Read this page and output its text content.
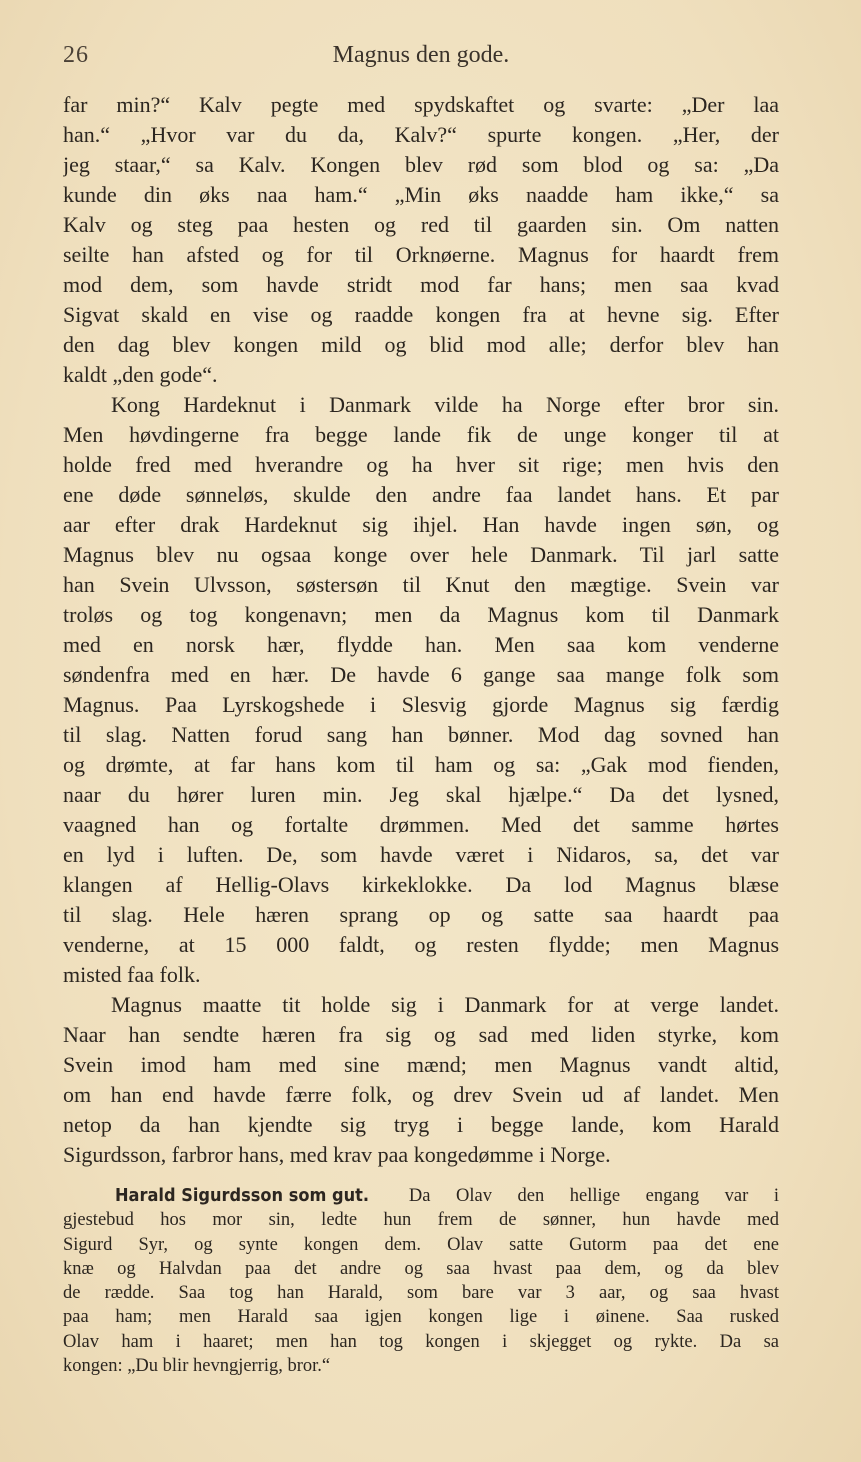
26	Magnus den gode.
far min?“ Kalv pegte med spydskaftet og svarte: „Der laa
han.“ „Hvor var du da, Kalv?“ spurte kongen. „Her, der
jeg staar,“ sa Kalv. Kongen blev rød som blod og sa: „Da
kunde din øks naa ham.“ „Min øks naadde ham ikke,“ sa
Kalv og steg paa hesten og red til gaarden sin. Om natten
seilte han afsted og for til Orknøerne. Magnus for haardt frem
mod dem, som havde stridt mod far hans; men saa kvad
Sigvat skald en vise og raadde kongen fra at hevne sig. Efter
den dag blev kongen mild og blid mod alle; derfor blev han
kaldt „den gode“.
Kong Hardeknut i Danmark vilde ha Norge efter bror sin.
Men høvdingerne fra begge lande fik de unge konger til at
holde fred med hverandre og ha hver sit rige; men hvis den
ene døde sønneløs, skulde den andre faa landet hans. Et par
aar efter drak Hardeknut sig ihjel. Han havde ingen søn, og
Magnus blev nu ogsaa konge over hele Danmark. Til jarl satte
han Svein Ulvsson, søstersøn til Knut den mægtige. Svein var
troløs og tog kongenavn; men da Magnus kom til Danmark
med en norsk hær, flydde han. Men saa kom venderne
søndenfra med en hær. De havde 6 gange saa mange folk som
Magnus. Paa Lyrskogshede i Slesvig gjorde Magnus sig færdig
til slag. Natten forud sang han bønner. Mod dag sovned han
og drømte, at far hans kom til ham og sa: „Gak mod fienden,
naar du hører luren min. Jeg skal hjælpe.“ Da det lysned,
vaagned han og fortalte drømmen. Med det samme hørtes
en lyd i luften. De, som havde været i Nidaros, sa, det var
klangen af Hellig-Olavs kirkeklokke. Da lod Magnus blæse
til slag. Hele hæren sprang op og satte saa haardt paa
venderne, at 15 000 faldt, og resten flydde; men Magnus
misted faa folk.
Magnus maatte tit holde sig i Danmark for at verge landet.
Naar han sendte hæren fra sig og sad med liden styrke, kom
Svein imod ham med sine mænd; men Magnus vandt altid,
om han end havde færre folk, og drev Svein ud af landet. Men
netop da han kjendte sig tryg i begge lande, kom Harald
Sigurdsson, farbror hans, med krav paa kongedømme i Norge.
Harald Sigurdsson som gut. Da Olav den hellige engang var i
gjestebud hos mor sin, ledte hun frem de sønner, hun havde med
Sigurd Syr, og synte kongen dem. Olav satte Gutorm paa det ene
knæ og Halvdan paa det andre og saa hvast paa dem, og da blev
de rædde. Saa tog han Harald, som bare var 3 aar, og saa hvast
paa ham; men Harald saa igjen kongen lige i øinene. Saa rusked
Olav ham i haaret; men han tog kongen i skjegget og rykte. Da sa
kongen: „Du blir hevngjerrig, bror.“
